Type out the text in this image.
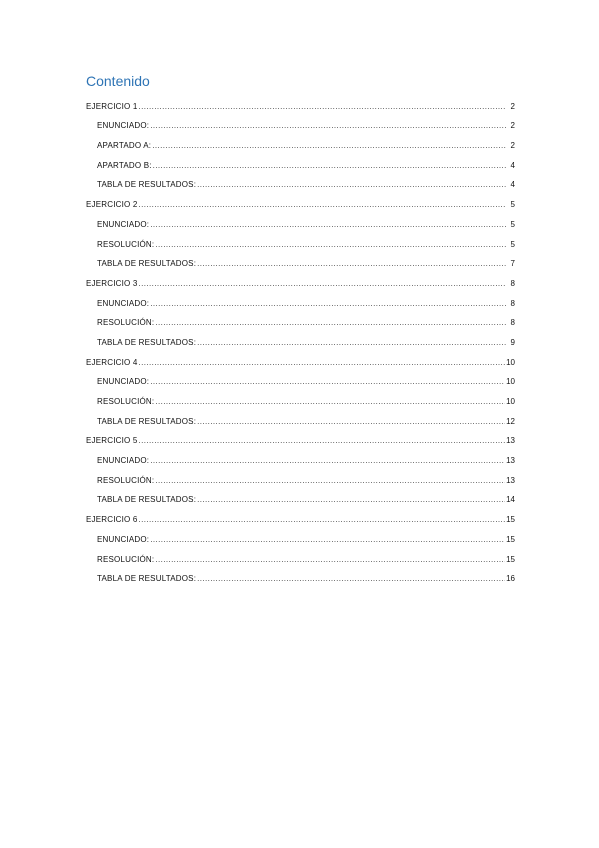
Contenido
EJERCICIO 1 .....	2
ENUNCIADO: .....	2
APARTADO A: .....	2
APARTADO B: .....	4
TABLA DE RESULTADOS: .....	4
EJERCICIO 2 .....	5
ENUNCIADO: .....	5
RESOLUCIÓN: .....	5
TABLA DE RESULTADOS: .....	7
EJERCICIO 3 .....	8
ENUNCIADO: .....	8
RESOLUCIÓN: .....	8
TABLA DE RESULTADOS: .....	9
EJERCICIO 4 .....	10
ENUNCIADO: .....	10
RESOLUCIÓN: .....	10
TABLA DE RESULTADOS: .....	12
EJERCICIO 5 .....	13
ENUNCIADO: .....	13
RESOLUCIÓN: .....	13
TABLA DE RESULTADOS: .....	14
EJERCICIO 6 .....	15
ENUNCIADO: .....	15
RESOLUCIÓN: .....	15
TABLA DE RESULTADOS: .....	16
